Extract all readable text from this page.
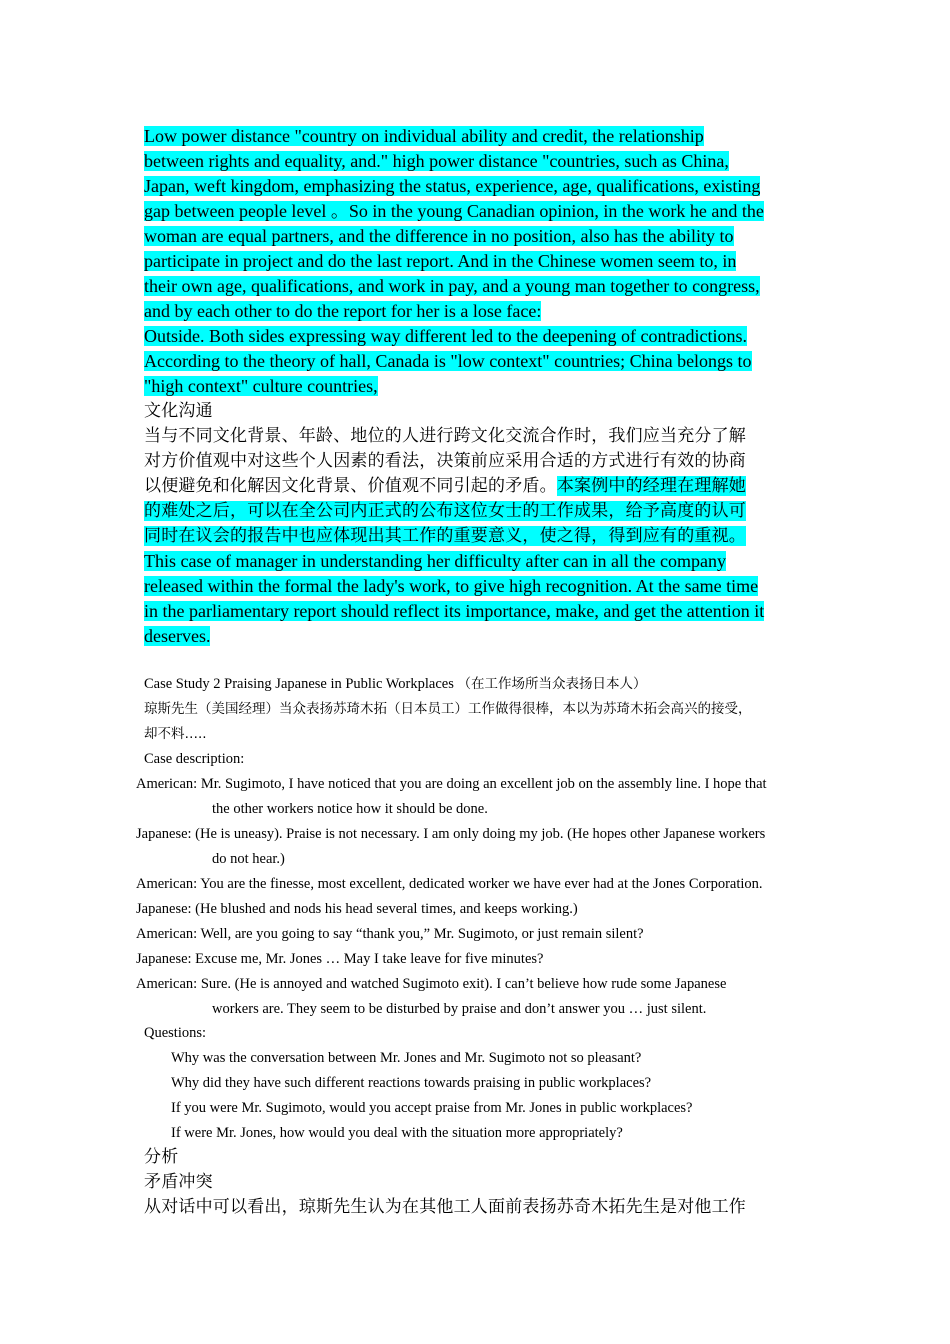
Low power distance "country on individual ability and credit, the relationship
between rights and equality, and." high power distance "countries, such as China,
Japan, weft kingdom, emphasizing the status, experience, age, qualifications, existing
gap between people level 。So in the young Canadian opinion, in the work he and the
woman are equal partners, and the difference in no position, also has the ability to
participate in project and do the last report. And in the Chinese women seem to, in
their own age, qualifications, and work in pay, and a young man together to congress,
and by each other to do the report for her is a lose face:
Outside. Both sides expressing way different led to the deepening of contradictions.
According to the theory of hall, Canada is "low context" countries; China belongs to
"high context" culture countries,
文化沟通
当与不同文化背景、年龄、地位的人进行跨文化交流合作时，我们应当充分了解
对方价值观中对这些个人因素的看法，决策前应采用合适的方式进行有效的协商
以便避免和化解因文化背景、价值观不同引起的矛盾。本案例中的经理在理解她
的难处之后，可以在全公司内正式的公布这位女士的工作成果，给予高度的认可
同时在议会的报告中也应体现出其工作的重要意义，使之得，得到应有的重视。
This case of manager in understanding her difficulty after can in all the company
released within the formal the lady's work, to give high recognition. At the same time
in the parliamentary report should reflect its importance, make, and get the attention it
deserves.
Case Study 2 Praising Japanese in Public Workplaces （在工作场所当众表扬日本人）
琼斯先生（美国经理）当众表扬苏琦木拓（日本员工）工作做得很棒，本以为苏琦木拓会高兴的接受，
却不料…..
Case description:
American: Mr. Sugimoto, I have noticed that you are doing an excellent job on the assembly line. I hope that
the other workers notice how it should be done.
Japanese: (He is uneasy). Praise is not necessary. I am only doing my job. (He hopes other Japanese workers
do not hear.)
American: You are the finesse, most excellent, dedicated worker we have ever had at the Jones Corporation.
Japanese: (He blushed and nods his head several times, and keeps working.)
American: Well, are you going to say “thank you,” Mr. Sugimoto, or just remain silent?
Japanese: Excuse me, Mr. Jones … May I take leave for five minutes?
American: Sure. (He is annoyed and watched Sugimoto exit). I can’t believe how rude some Japanese
workers are. They seem to be disturbed by praise and don’t answer you … just silent.
Questions:
Why was the conversation between Mr. Jones and Mr. Sugimoto not so pleasant?
Why did they have such different reactions towards praising in public workplaces?
If you were Mr. Sugimoto, would you accept praise from Mr. Jones in public workplaces?
If were Mr. Jones, how would you deal with the situation more appropriately?
分析
矛盾冲突
从对话中可以看出，琼斯先生认为在其他工人面前表扬苏奇木拓先生是对他工作
